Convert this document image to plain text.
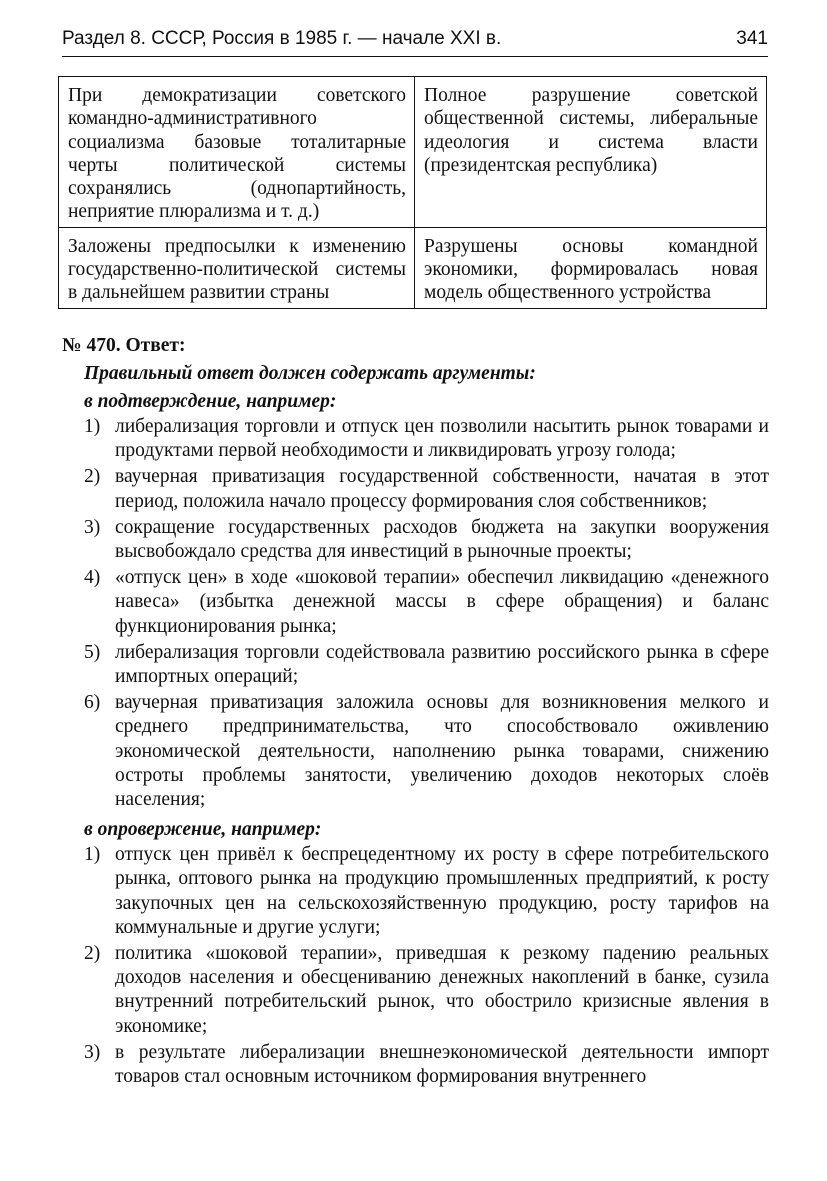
Раздел 8. СССР, Россия в 1985 г. — начале XXI в.	341
При демократизации советского командно-административного социализма базовые тоталитарные черты политической системы сохранялись (однопартийность, неприятие плюрализма и т. д.)	Полное разрушение советской общественной системы, либеральные идеология и система власти (президентская республика)
Заложены предпосылки к изменению государственно-политической системы в дальнейшем развитии страны	Разрушены основы командной экономики, формировалась новая модель общественного устройства

№ 470. Ответ:

Правильный ответ должен содержать аргументы:

в подтверждение, например:

1) либерализация торговли и отпуск цен позволили насытить рынок товарами и продуктами первой необходимости и ликвидировать угрозу голода;
2) ваучерная приватизация государственной собственности, начатая в этот период, положила начало процессу формирования слоя собственников;
3) сокращение государственных расходов бюджета на закупки вооружения высвобождало средства для инвестиций в рыночные проекты;
4) «отпуск цен» в ходе «шоковой терапии» обеспечил ликвидацию «денежного навеса» (избытка денежной массы в сфере обращения) и баланс функционирования рынка;
5) либерализация торговли содействовала развитию российского рынка в сфере импортных операций;
6) ваучерная приватизация заложила основы для возникновения мелкого и среднего предпринимательства, что способствовало оживлению экономической деятельности, наполнению рынка товарами, снижению остроты проблемы занятости, увеличению доходов некоторых слоёв населения;

в опровержение, например:

1) отпуск цен привёл к беспрецедентному их росту в сфере потребительского рынка, оптового рынка на продукцию промышленных предприятий, к росту закупочных цен на сельскохозяйственную продукцию, росту тарифов на коммунальные и другие услуги;
2) политика «шоковой терапии», приведшая к резкому падению реальных доходов населения и обесцениванию денежных накоплений в банке, сузила внутренний потребительский рынок, что обострило кризисные явления в экономике;
3) в результате либерализации внешнеэкономической деятельности импорт товаров стал основным источником формирования внутреннего
